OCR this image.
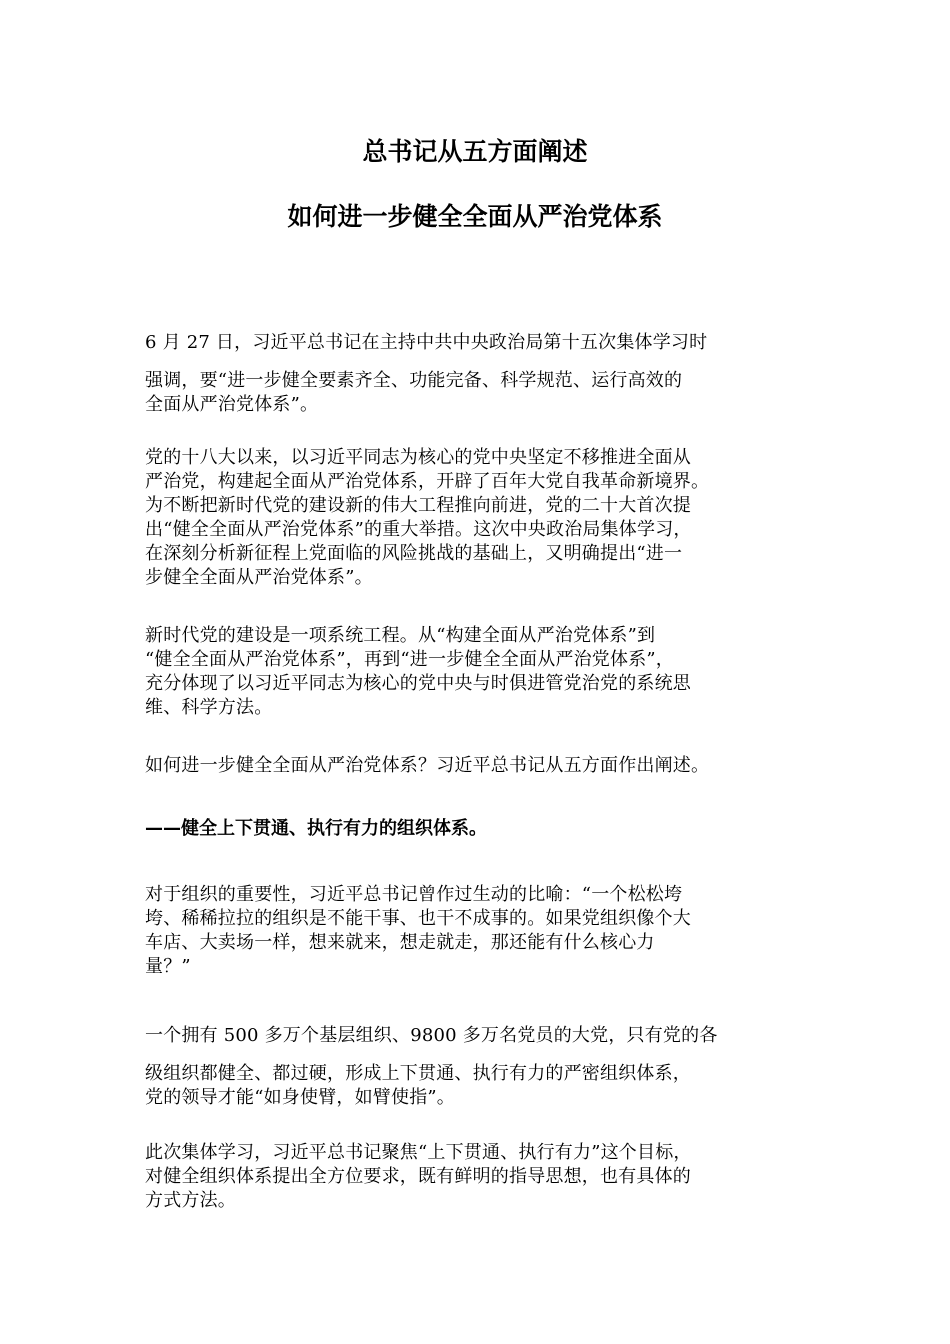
总书记从五方面阐述
如何进一步健全全面从严治党体系
6 月 27 日，习近平总书记在主持中共中央政治局第十五次集体学习时
强调，要“进一步健全要素齐全、功能完备、科学规范、运行高效的
全面从严治党体系”。
党的十八大以来，以习近平同志为核心的党中央坚定不移推进全面从
严治党，构建起全面从严治党体系，开辟了百年大党自我革命新境界。
为不断把新时代党的建设新的伟大工程推向前进，党的二十大首次提
出“健全全面从严治党体系”的重大举措。这次中央政治局集体学习，
在深刻分析新征程上党面临的风险挑战的基础上，又明确提出“进一
步健全全面从严治党体系”。
新时代党的建设是一项系统工程。从“构建全面从严治党体系”到
“健全全面从严治党体系”，再到“进一步健全全面从严治党体系”，
充分体现了以习近平同志为核心的党中央与时俱进管党治党的系统思
维、科学方法。
如何进一步健全全面从严治党体系？习近平总书记从五方面作出阐述。
——健全上下贯通、执行有力的组织体系。
对于组织的重要性，习近平总书记曾作过生动的比喻：“一个松松垮
垮、稀稀拉拉的组织是不能干事、也干不成事的。如果党组织像个大
车店、大卖场一样，想来就来，想走就走，那还能有什么核心力
量？”
一个拥有 500 多万个基层组织、9800 多万名党员的大党，只有党的各
级组织都健全、都过硬，形成上下贯通、执行有力的严密组织体系，
党的领导才能“如身使臂，如臂使指”。
此次集体学习，习近平总书记聚焦“上下贯通、执行有力”这个目标，
对健全组织体系提出全方位要求，既有鲜明的指导思想，也有具体的
方式方法。
